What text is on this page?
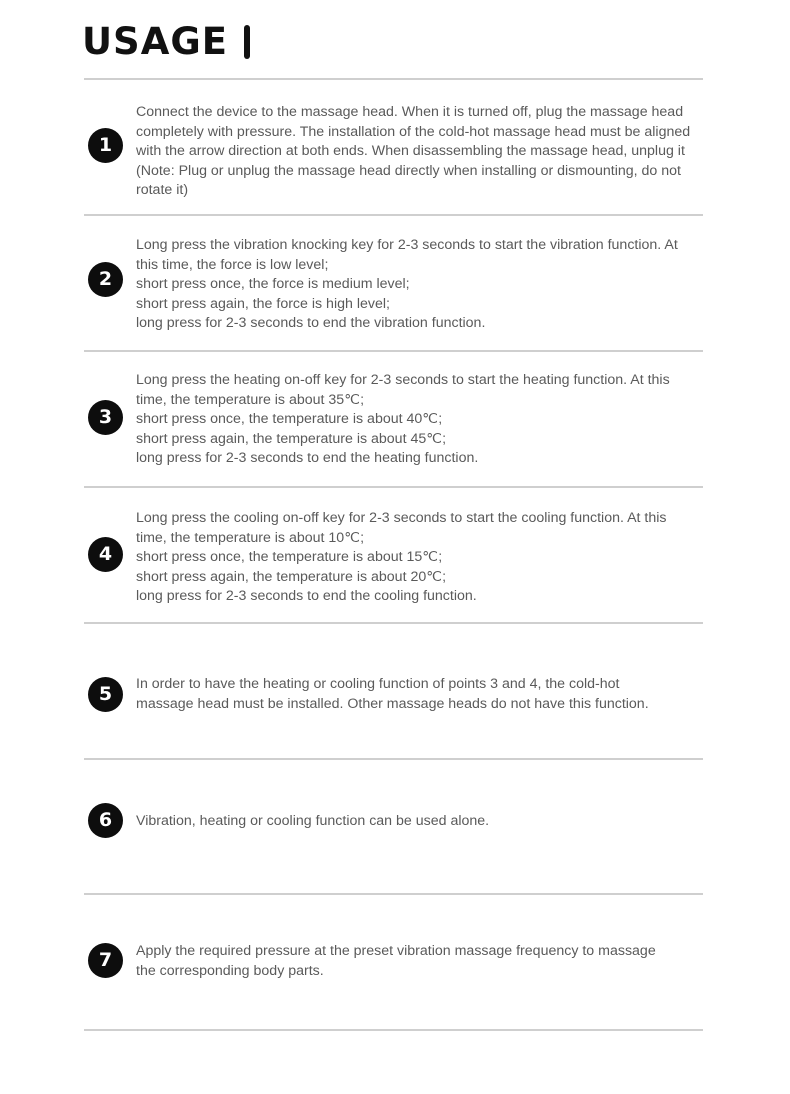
USAGE
1
Connect the device to the massage head. When it is turned off, plug the massage head
completely with pressure. The installation of the cold-hot massage head must be aligned
with the arrow direction at both ends. When disassembling the massage head, unplug it
(Note: Plug or unplug the massage head directly when installing or dismounting, do not
rotate it)
2
Long press the vibration knocking key for 2-3 seconds to start the vibration function. At
this time, the force is low level;
short press once, the force is medium level;
short press again, the force is high level;
long press for 2-3 seconds to end the vibration function.
3
Long press the heating on-off key for 2-3 seconds to start the heating function. At this
time, the temperature is about 35℃;
short press once, the temperature is about 40℃;
short press again, the temperature is about 45℃;
long press for 2-3 seconds to end the heating function.
4
Long press the cooling on-off key for 2-3 seconds to start the cooling function. At this
time, the temperature is about 10℃;
short press once, the temperature is about 15℃;
short press again, the temperature is about 20℃;
long press for 2-3 seconds to end the cooling function.
5	In order to have the heating or cooling function of points 3 and 4, the cold-hot
massage head must be installed. Other massage heads do not have this function.
6	Vibration, heating or cooling function can be used alone.
7	Apply the required pressure at the preset vibration massage frequency to massage
the corresponding body parts.
